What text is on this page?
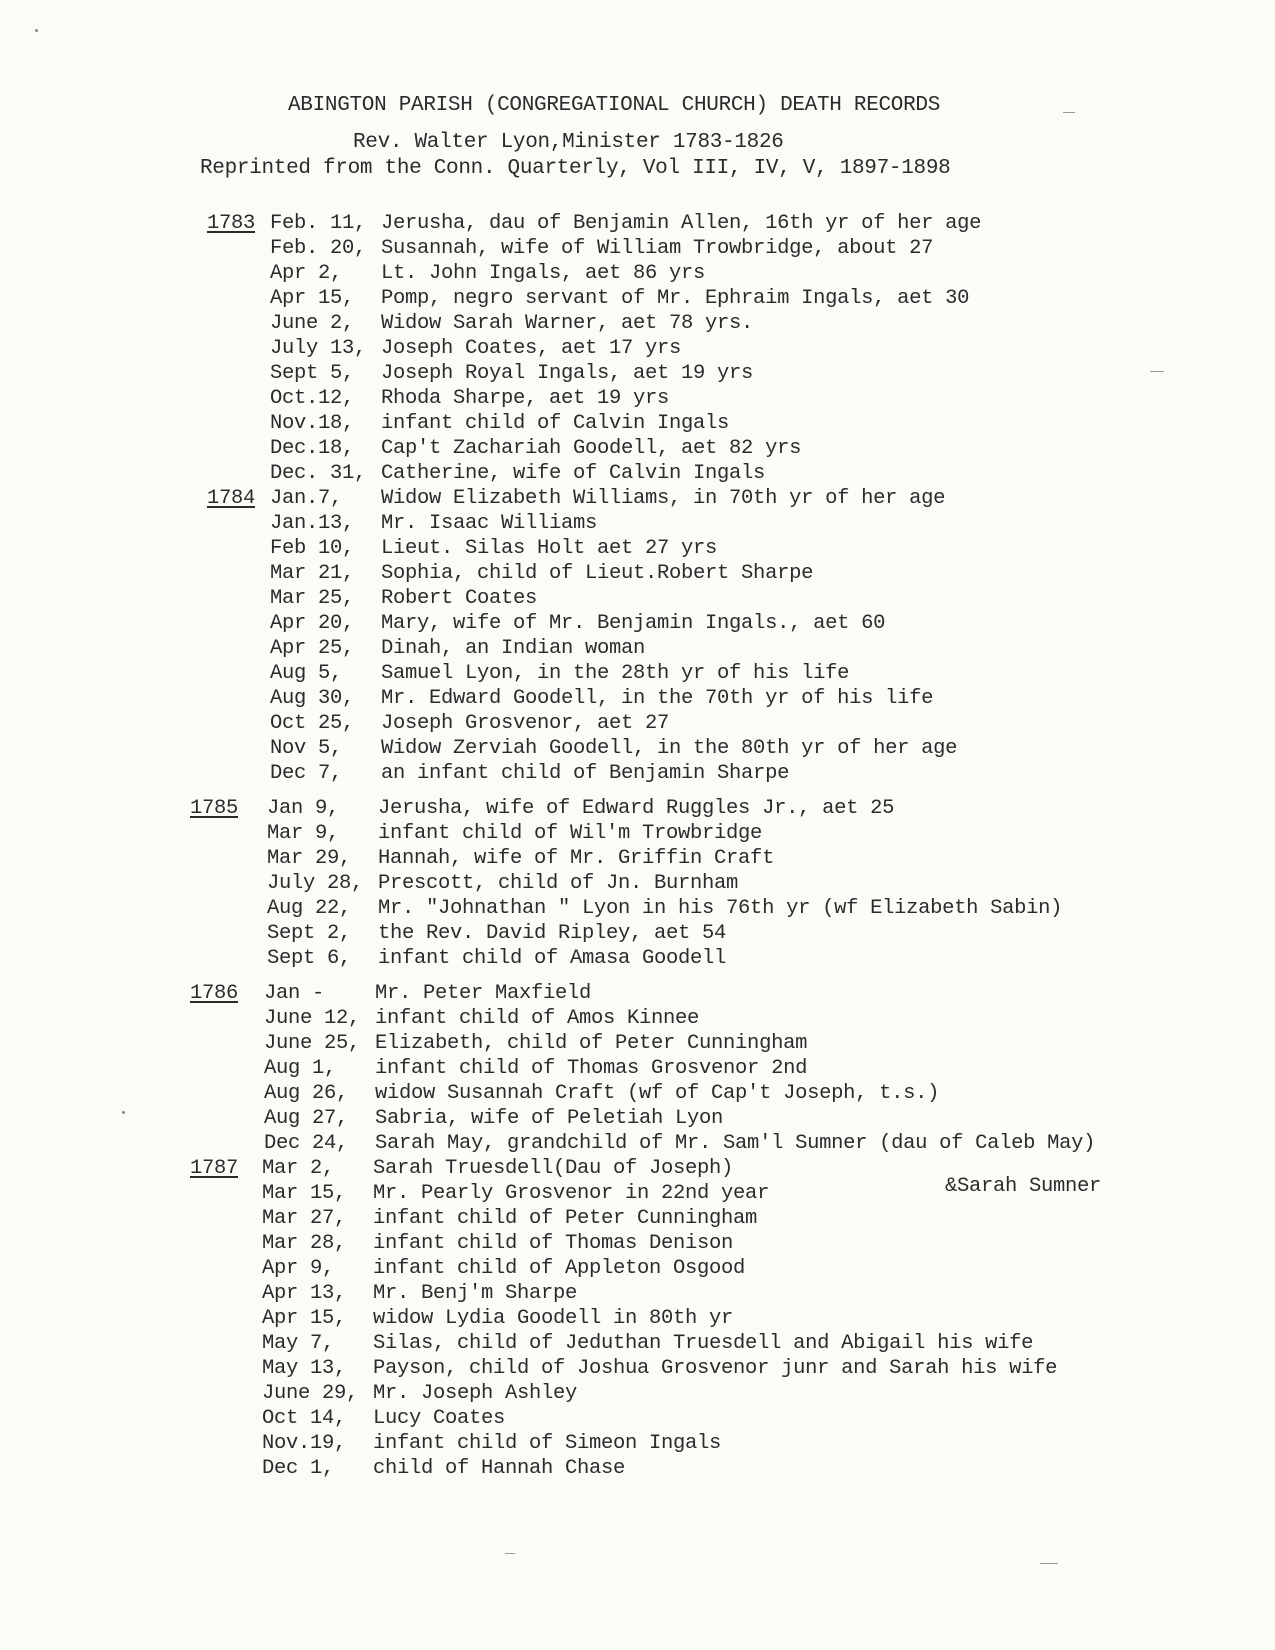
ABINGTON PARISH (CONGREGATIONAL CHURCH) DEATH RECORDS
Rev. Walter Lyon,Minister 1783-1826
Reprinted from the Conn. Quarterly, Vol III, IV, V, 1897-1898
1783 Feb. 11, Jerusha, dau of Benjamin Allen, 16th yr of her age
Feb. 20, Susannah, wife of William Trowbridge, about 27
Apr 2, Lt. John Ingals, aet 86 yrs
Apr 15, Pomp, negro servant of Mr. Ephraim Ingals, aet 30
June 2, Widow Sarah Warner, aet 78 yrs.
July 13, Joseph Coates, aet 17 yrs
Sept 5, Joseph Royal Ingals, aet 19 yrs
Oct.12, Rhoda Sharpe, aet 19 yrs
Nov.18, infant child of Calvin Ingals
Dec.18, Cap't Zachariah Goodell, aet 82 yrs
Dec. 31, Catherine, wife of Calvin Ingals
1784 Jan.7, Widow Elizabeth Williams, in 70th yr of her age
Jan.13, Mr. Isaac Williams
Feb 10, Lieut. Silas Holt aet 27 yrs
Mar 21, Sophia, child of Lieut.Robert Sharpe
Mar 25, Robert Coates
Apr 20, Mary, wife of Mr. Benjamin Ingals., aet 60
Apr 25, Dinah, an Indian woman
Aug 5, Samuel Lyon, in the 28th yr of his life
Aug 30, Mr. Edward Goodell, in the 70th yr of his life
Oct 25, Joseph Grosvenor, aet 27
Nov 5, Widow Zerviah Goodell, in the 80th yr of her age
Dec 7, an infant child of Benjamin Sharpe
1785 Jan 9, Jerusha, wife of Edward Ruggles Jr., aet 25
Mar 9, infant child of Wil'm Trowbridge
Mar 29, Hannah, wife of Mr. Griffin Craft
July 28, Prescott, child of Jn. Burnham
Aug 22, Mr. "Johnathan " Lyon in his 76th yr (wf Elizabeth Sabin)
Sept 2, the Rev. David Ripley, aet 54
Sept 6, infant child of Amasa Goodell
1786 Jan - Mr. Peter Maxfield
June 12, infant child of Amos Kinnee
June 25, Elizabeth, child of Peter Cunningham
Aug 1, infant child of Thomas Grosvenor 2nd
Aug 26, widow Susannah Craft (wf of Cap't Joseph, t.s.)
Aug 27, Sabria, wife of Peletiah Lyon
Dec 24, Sarah May, grandchild of Mr. Sam'l Sumner (dau of Caleb May)
1787 Mar 2, Sarah Truesdell(Dau of Joseph)
Mar 15, Mr. Pearly Grosvenor in 22nd year
Mar 27, infant child of Peter Cunningham
Mar 28, infant child of Thomas Denison
Apr 9, infant child of Appleton Osgood
Apr 13, Mr. Benj'm Sharpe
Apr 15, widow Lydia Goodell in 80th yr
May 7, Silas, child of Jeduthan Truesdell and Abigail his wife
May 13, Payson, child of Joshua Grosvenor junr and Sarah his wife
June 29, Mr. Joseph Ashley
Oct 14, Lucy Coates
Nov.19, infant child of Simeon Ingals
Dec 1, child of Hannah Chase
&Sarah Sumner
